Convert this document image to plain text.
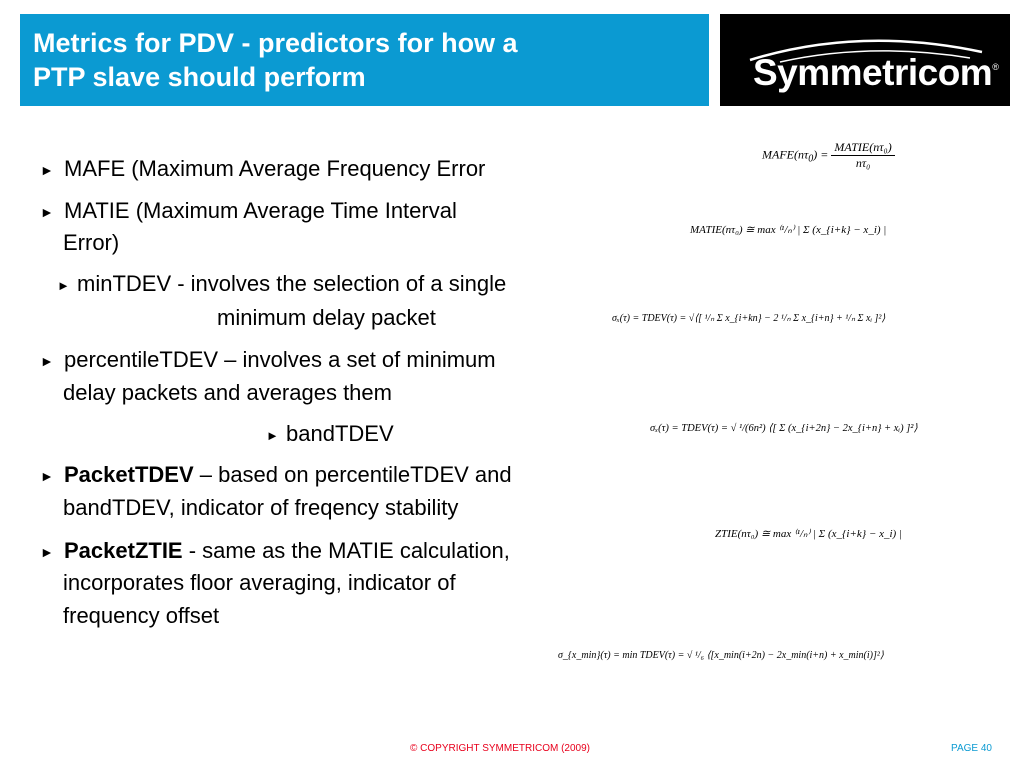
Metrics for PDV - predictors for how a
PTP slave should perform	Symmetricom®
► MAFE (Maximum Average Frequency Error
► MATIE (Maximum Average Time Interval
Error)
► minTDEV - involves the selection of a single
minimum delay packet
► percentileTDEV – involves a set of minimum
delay packets and averages them
► bandTDEV
► PacketTDEV – based on percentileTDEV and
bandTDEV, indicator of freqency stability
► PacketZTIE - same as the MATIE calculation,
incorporates floor averaging, indicator of
frequency offset
$MAFE(n\tau_0) = \frac{\text{MATIE(nτ₀)}}{\text{nτ₀}}$
MATIE(nτ₀) ≅ max ⁽¹/ₙ⁾ | Σ (x_{i+k} − x_i) |
σₓ(τ) = TDEV(τ) = √⟨[ ¹/ₙ Σ x_{i+kn} − 2 ¹/ₙ Σ x_{i+n} + ¹/ₙ Σ xᵢ ]²⟩
σₓ(τ) = TDEV(τ) = √ ¹/(6n²) ⟨[ Σ (x_{i+2n} − 2x_{i+n} + xᵢ) ]²⟩
ZTIE(nτ₀) ≅ max ⁽¹/ₙ⁾ | Σ (x_{i+k} − x_i) |
σ_{x_min}(τ) = min TDEV(τ) = √ ¹/₆ ⟨[x_min(i+2n) − 2x_min(i+n) + x_min(i)]²⟩
© COPYRIGHT SYMMETRICOM (2009)	PAGE 40
